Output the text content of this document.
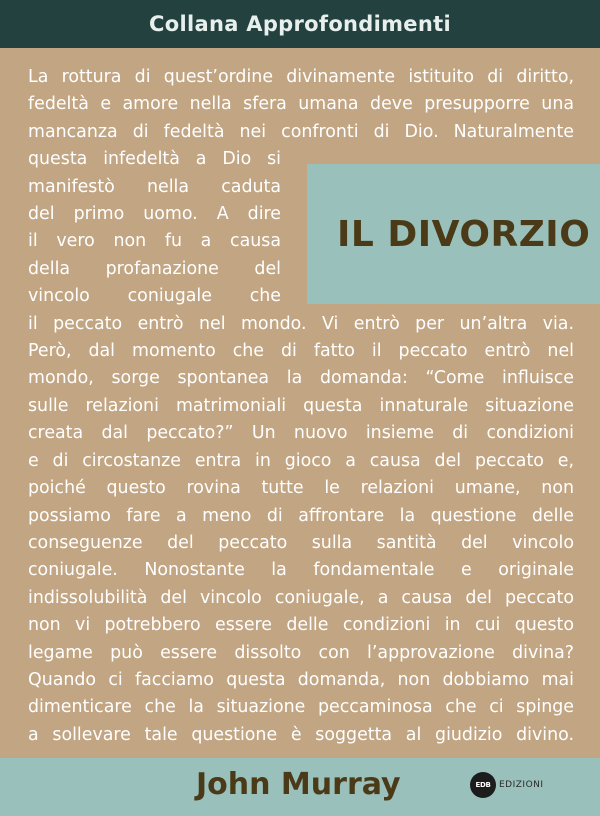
Collana Approfondimenti
La rottura di quest’ordine divinamente istituito di diritto,
fedeltà e amore nella sfera umana deve presupporre una
mancanza di fedeltà nei confronti di Dio. Naturalmente
questa infedeltà a Dio si
manifestò nella caduta
del primo uomo. A dire
il vero non fu a causa
della profanazione del
vincolo coniugale che
il peccato entrò nel mondo. Vi entrò per un’altra via.
Però, dal momento che di fatto il peccato entrò nel
mondo, sorge spontanea la domanda: “Come influisce
sulle relazioni matrimoniali questa innaturale situazione
creata dal peccato?” Un nuovo insieme di condizioni
e di circostanze entra in gioco a causa del peccato e,
poiché questo rovina tutte le relazioni umane, non
possiamo fare a meno di affrontare la questione delle
conseguenze del peccato sulla santità del vincolo
coniugale. Nonostante la fondamentale e originale
indissolubilità del vincolo coniugale, a causa del peccato
non vi potrebbero essere delle condizioni in cui questo
legame può essere dissolto con l’approvazione divina?
Quando ci facciamo questa domanda, non dobbiamo mai
dimenticare che la situazione peccaminosa che ci spinge
a sollevare tale questione è soggetta al giudizio divino.
IL DIVORZIO
John Murray	EDB EDIZIONI
